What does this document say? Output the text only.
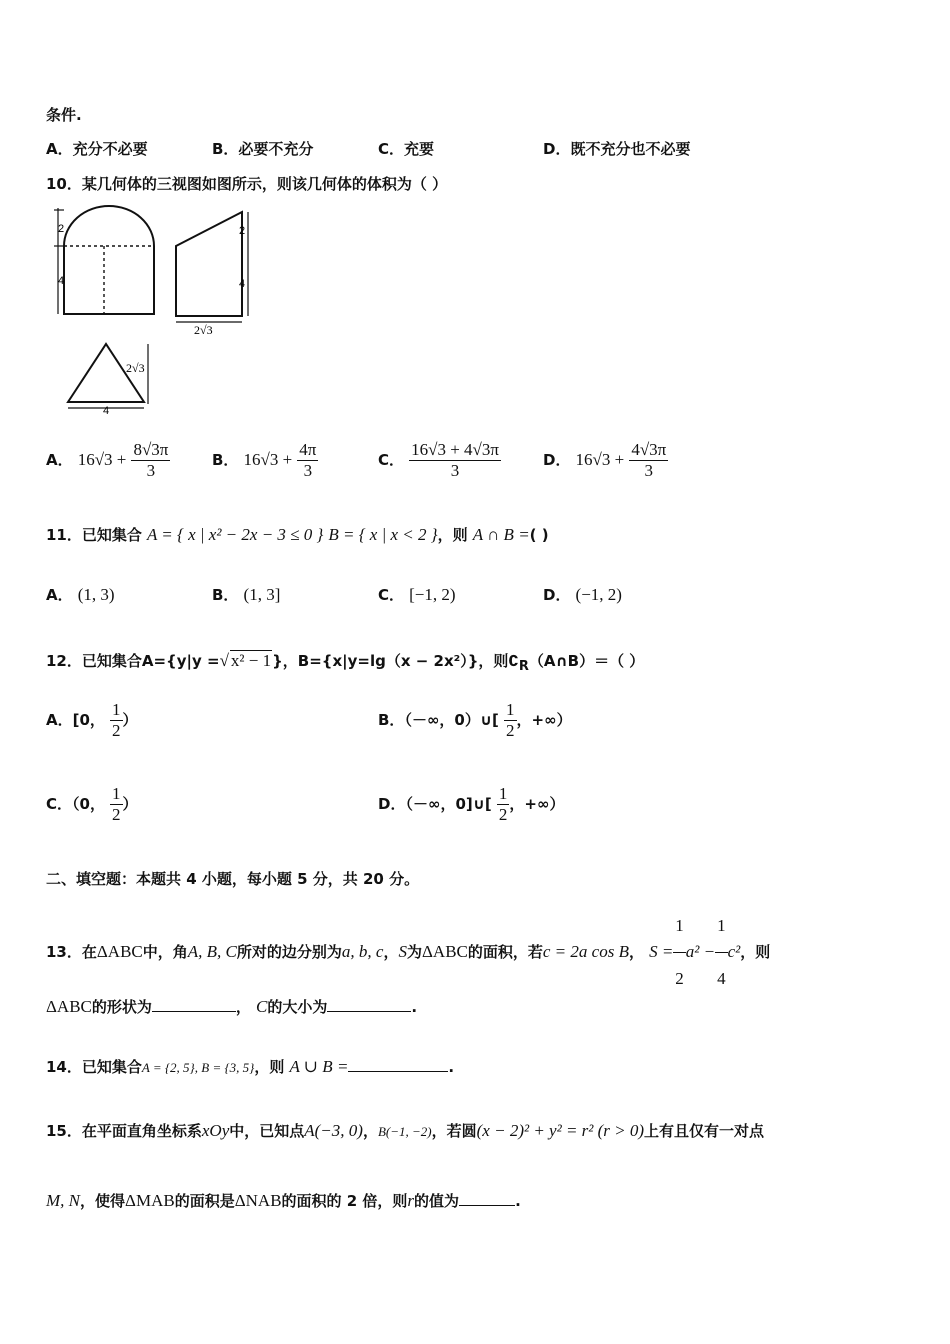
条件.
A．充分不必要	B．必要不充分	C．充要	D．既不充分也不必要
10．某几何体的三视图如图所示，则该几何体的体积为（ ）
2
4
2
4
2√3
2√3
4
A． $16√3 + \frac{8√3\pi}{3}$	B． $16√3 + \frac{4\pi}{3}$	C． $\frac{16√3 + 4√3\pi}{3}$	D． $16√3 + \frac{4√3\pi}{3}$
11．已知集合 A = { x | x² − 2x − 3 ≤ 0 } B = { x | x < 2 }，则 A ∩ B =( )
A． (1, 3)	B． (1, 3]	C． [−1, 2)	D． (−1, 2)
12．已知集合A={y|y =√ x² − 1}，B={x|y=lg（x − 2x²）}，则$∁_R(A\cap B)=$（ ）
A．[0， $\frac{1}{2}$ ）	B．（－∞，0）∪[ $\frac{1}{2}$ ，+∞）
C．（0， $\frac{1}{2}$ ）	D．（－∞，0]∪[ $\frac{1}{2}$ ，+∞）
二、填空题：本题共 4 小题，每小题 5 分，共 20 分。
13．在ΔABC中，角A, B, C所对的边分别为a, b, c，S为ΔABC的面积，若c = 2a cos B， $S = \frac{1}{2} a^2 - \frac{1}{4} c^2$，则
ΔABC的形状为	， C的大小为	.
14．已知集合A = {2, 5}, B = {3, 5}，则 A ∪ B =	.
15．在平面直角坐标系xOy中，已知点A(−3, 0)，B(−1, −2)，若圆(x − 2)² + y² = r² (r > 0)上有且仅有一对点
M, N，使得ΔMAB的面积是ΔNAB的面积的 2 倍，则r的值为	.
